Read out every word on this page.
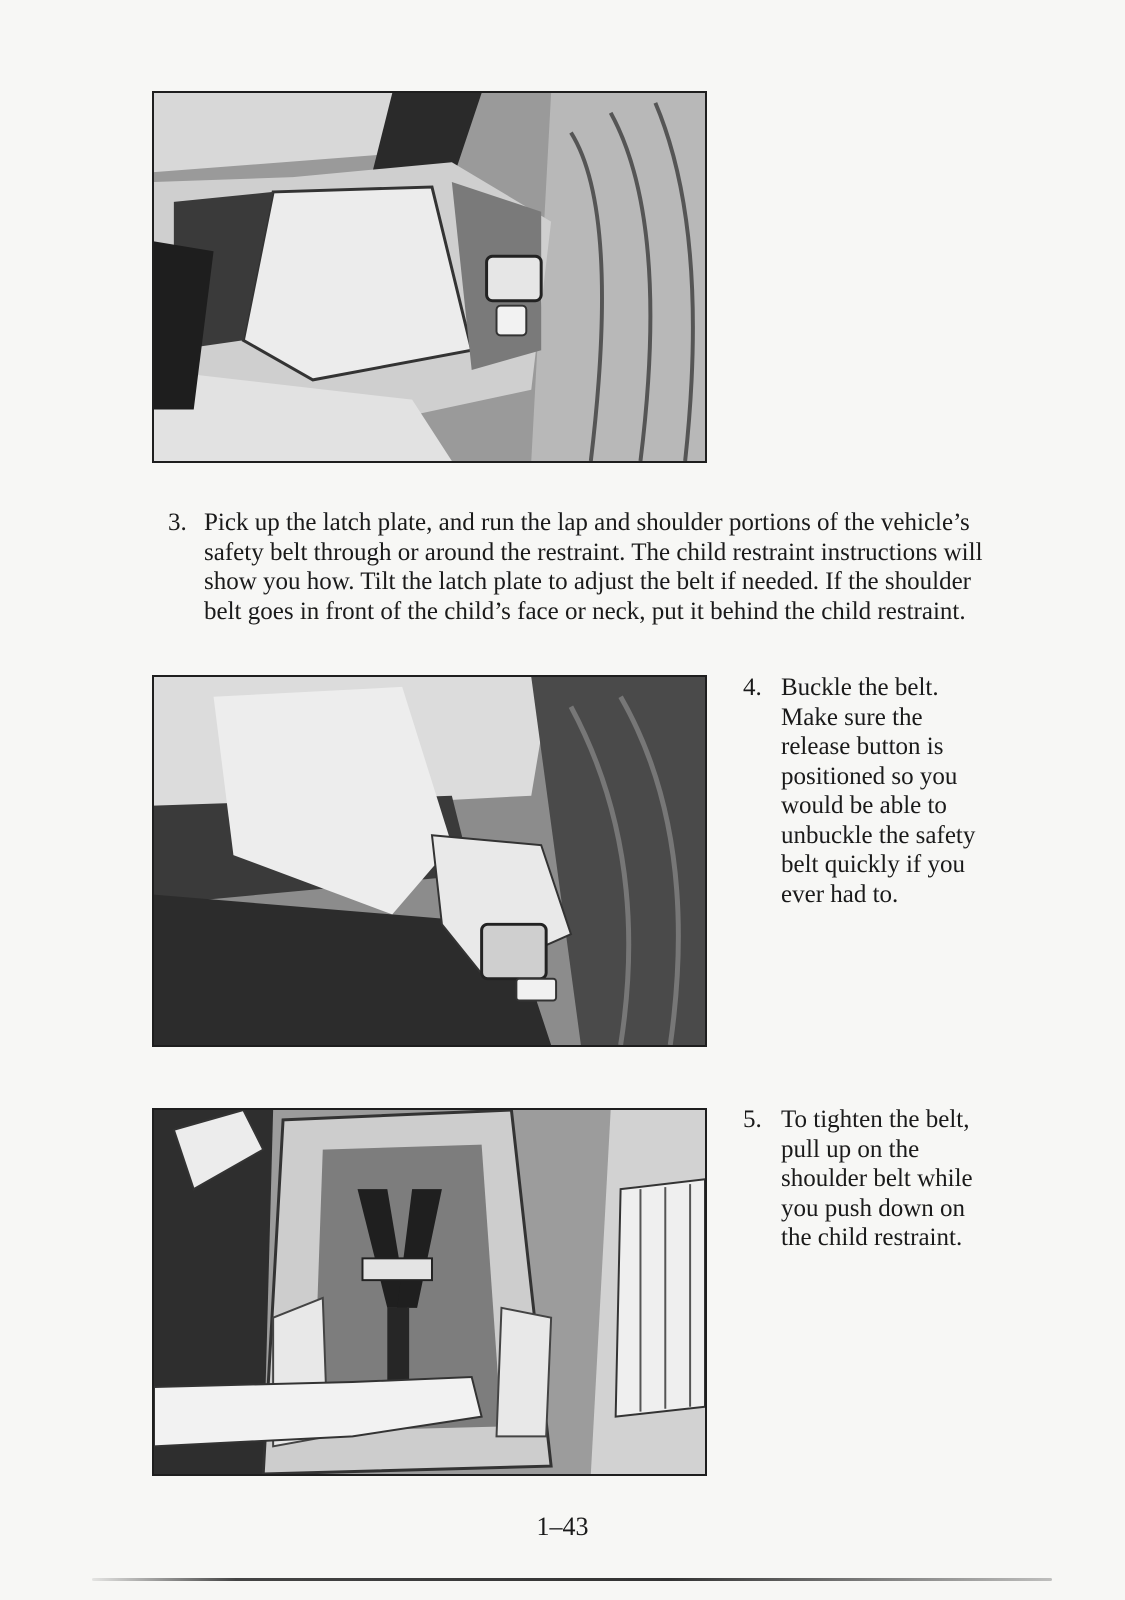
3. Pick up the latch plate, and run the lap and shoulder portions of the vehicle’s safety belt through or around the restraint. The child restraint instructions will show you how. Tilt the latch plate to adjust the belt if needed. If the shoulder belt goes in front of the child’s face or neck, put it behind the child restraint.
4. Buckle the belt. Make sure the release button is positioned so you would be able to unbuckle the safety belt quickly if you ever had to.
5. To tighten the belt, pull up on the shoulder belt while you push down on the child restraint.
1–43
